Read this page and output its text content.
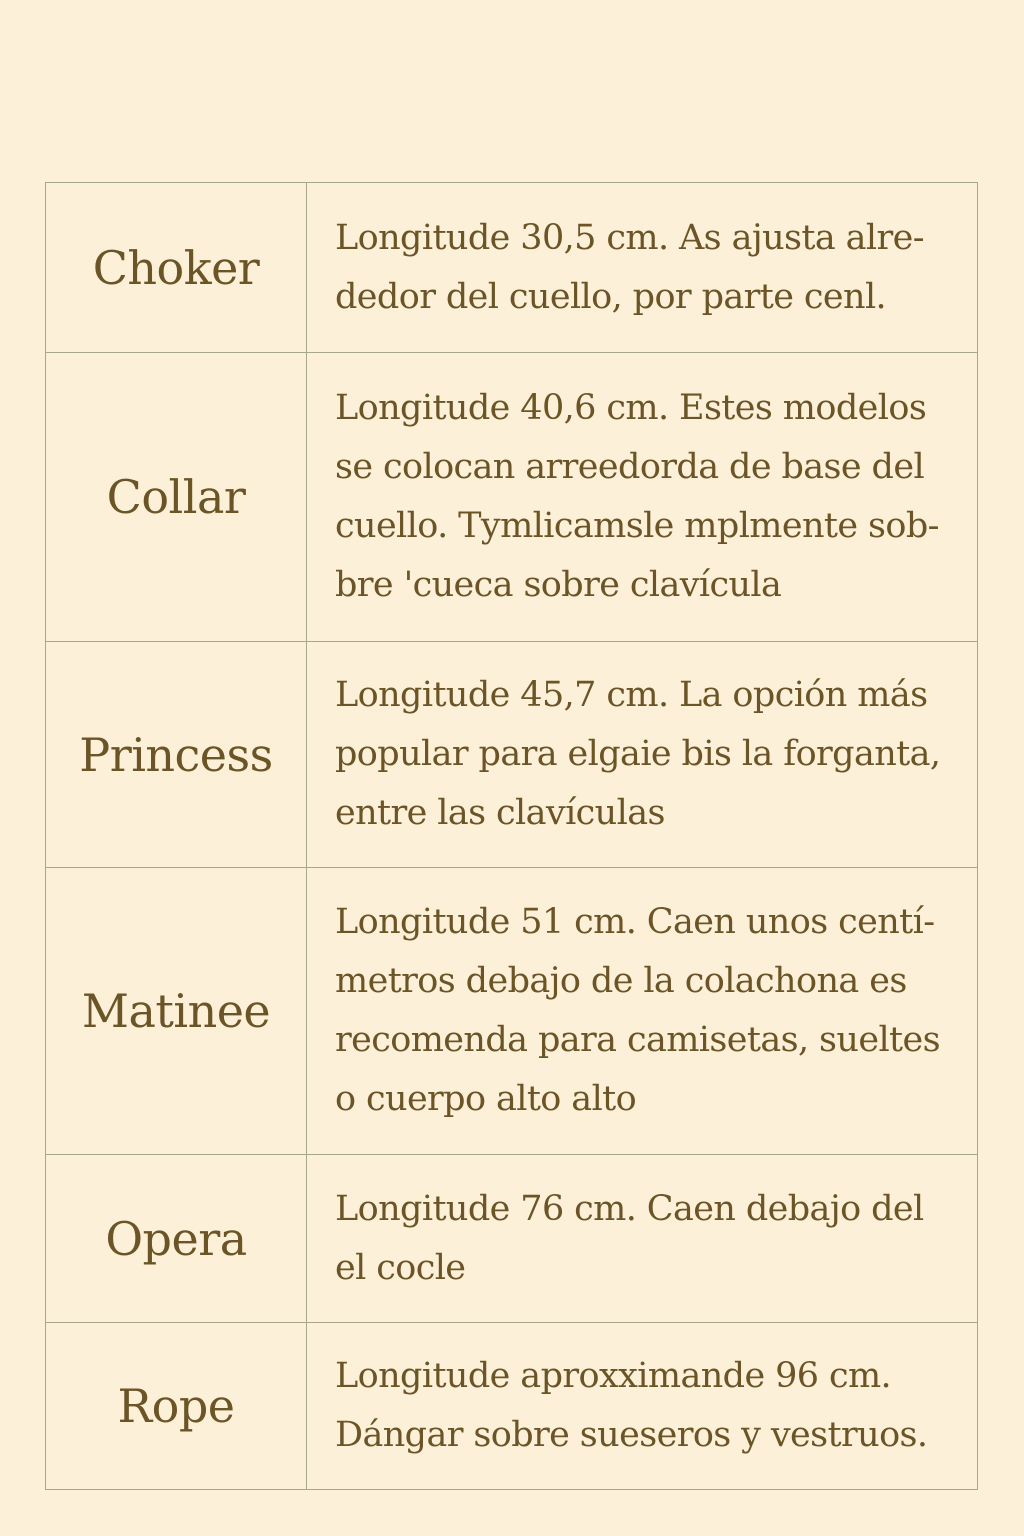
Choker
Longitude 30,5 cm. As ajusta alre-dedor del cuello, por parte cenl.
Collar
Longitude 40,6 cm. Estes modelos se colocan arreedorda de base del cuello. Tymlicamsle mplmente sob-bre 'cueca sobre clavícula
Princess
Longitude 45,7 cm. La opción más popular para elgaie bis la forganta, entre las clavículas
Matinee
Longitude 51 cm. Caen unos centí-metros debajo de la colachona es recomenda para camisetas, sueltes o cuerpo alto alto
Opera
Longitude 76 cm. Caen debajo del el cocle
Rope
Longitude aproxximande 96 cm. Dángar sobre sueseros y vestruos.
